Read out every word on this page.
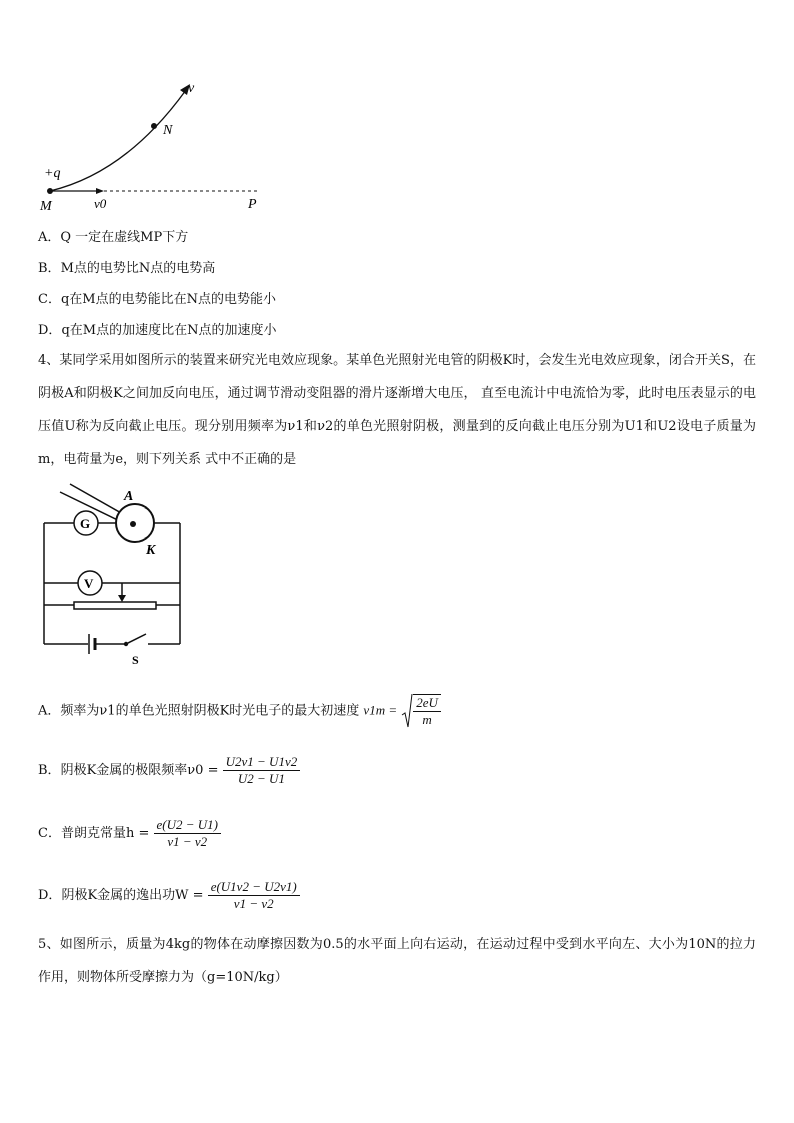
v
N
+q
M	v0	P
A．Q 一定在虚线MP下方
B．M点的电势比N点的电势高
C．q在M点的电势能比在N点的电势能小
D．q在M点的加速度比在N点的加速度小
4、某同学采用如图所示的装置来研究光电效应现象。某单色光照射光电管的阴极K时，会发生光电效应现象，闭合开关S，在阴极A和阴极K之间加反向电压，通过调节滑动变阻器的滑片逐渐增大电压， 直至电流计中电流恰为零，此时电压表显示的电压值U称为反向截止电压。现分别用频率为ν1和ν2的单色光照射阴极，测量到的反向截止电压分别为U1和U2设电子质量为m，电荷量为e，则下列关系 式中不正确的是
A
K
G
V
S
A．频率为ν1的单色光照射阴极K时光电子的最大初速度 $v1m = \frac{2eU}{m}$
B．阴极K金属的极限频率$\nu 0 = \frac{U2\nu 1 - U1\nu 2}{U2 - U1}$
C．普朗克常量$h = \frac{e(U2 - U1)}{\nu 1 - \nu 2}$
D．阴极K金属的逸出功$W = \frac{e(U1\nu 2 - U2\nu 1)}{\nu 1 - \nu 2}$
5、如图所示，质量为4kg的物体在动摩擦因数为0.5的水平面上向右运动，在运动过程中受到水平向左、大小为10N的拉力作用，则物体所受摩擦力为（g=10N/kg）
